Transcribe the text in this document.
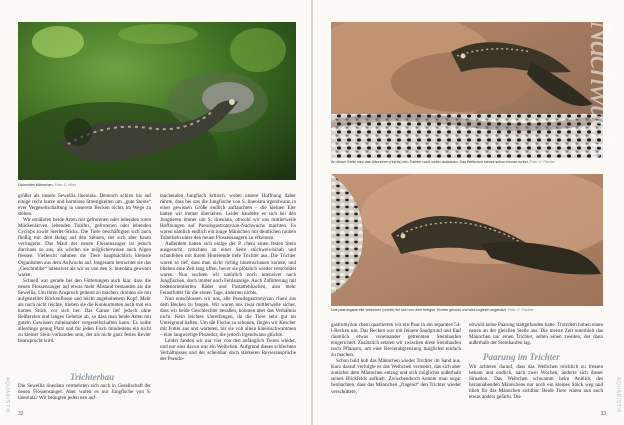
Dickendes Männchen. Foto: C. Hirst

größer als unsere Sewellia lineolata. Dennoch schien bis auf einige recht kurze und harmlose Streitigkeiten um „gute Steine“ ever Vergesellschaftung in unserem Becken nichts im Wege zu stehen.

Wir ernährten beide Arten mit gefrorenen oder lebenden roten Mückenlarven, lebenden Tubifex, gefrorenen oder lebenden Cyclops sowie Sterlet-Sticks. Die Tiere beschäftigten sich auch fleißig mit dem Belag auf den Steinen, der sich aber kaum verringerte. Das Maul der neuen Flossensauger ist jedoch durchaus so aus, als würden sie möglicherweise auch Algen fressen. Vielleicht nahmen die Tiere hauptsächlich kleinste Organismen aus dem Aufwuchs auf. Insgesamt betrachtet sie das „Geschrubbe“ intensiver als wir es von den S. lineolata gewohnt waren.

Schnell war gerade bei den Fütterungen auch klar, dass die neuen Flossensauger auf etwas mehr Abstand bestanden als die Sewellia. Um ihren Anspruch geltend zu machen, drohten sie mit aufgestellter Rückenflosse und leicht angehobenem Kopf. Mehr als noch nicht reichte, trieben sie die Konkurrenten auch mal ein kurzes Stück vor sich her. Das Ganze lief jedoch ohne Beißereien und langes Gehetze ab, so dass man beide Arten mit gutem Gewissen miteinander vergesellschaften kann. Es sollte allerdings genug Platz und für jeden Fisch mindestens ein nicht zu kleiner Stein vorhanden sein, der als nicht ganz festes Revier beansprucht wird.

Trichterbau

Die Sewellia lineolata vermehrten sich auch in Gesellschaft der neuen Flossensauger. Aber waren es nur Jungfische von S. lineolata? Wir beäugten jeden neu auf-

tauchenden Jungfisch kritisch, wobei unsere Hoffnung daher rührte, dass bei uns die Jungfische von S. lineolata irgendwann in einer gewissen Größe endlich auftauchten – die kleinen Eier hatten wir immer übersehen. Leider handelte es sich bei den Jungtieren immer um S. lineolata, obwohl wir uns mittlerweile Hoffnungen auf Pseudogastromyzon-Nachwuchs machten. Es waren nämlich endlich ein:iunge Männchen mit deutlichen rauhen Tuberkeln unter den neuen Flossensaugern zu erkennen.

Außerdem hatten sich einige der P. cheni einen festen Stein ausgesucht, rutschten an einer Seite stückweis-hinab und schaufelten mit ihrem Hinterende tiefe Trichter aus. Die Trichter waren so tief, dass man nicht richtig hineinschauen konnte, und blieben eine Zeit lang offen, bevor sie plötzlich wieder verschüttet waren. Nun suchten wir natürlich noch intensiver nach Jungfischen, doch immer noch Fehlanzeige. Auch Zufütterung mit bodenorientierten Räder und Pastatfehliachen, also mehr Feinstfutter für die ersten Tage, änderten nichts.

Nun entschlossen wir uns, alle Pseudogastromyzon cheni aus dem Becken zu fangen. Wir waren uns zwar mittlerweile sicher, dass wir beide Geschlechter besaßen, konnten aber das Verhältnis nicht. Kein leichtes Unterfangen, da die Tiere sehr gut im Untergrund haften. Um die Fische zu schonen, fingen wir Kescher mit Futter aus und warteten, bis sie von allein hineinschwammen – eine langwierige Prozedur, die jedoch irgendwann glückte.

Leider fanden wir nur vier von den anfänglich Tieren wieder, und nur eins davon war ein Weibchen. Aufgrund dieses schlechten Verhältnisses und der scheinbar doch stärkeren Revieransprüche der Pseudo-

32
AQUARISTIK
An dieser Stelle wird das Männchen (rechts) den Trichter noch weiter ausbauen. Das Weibchen schaut schon einmal vorbei. Foto: C. Fischer
Das paarungsbereite Weibchen (rechts) fiel sich von dem fertigen Trichter gelockt und wird sogleich angebalzt. Foto: C. Fischer

gastromyzon cheni quartierten wir ein Paar in ein separates 54-l-Becken um. Das Becken war mit feinem Sandgrund und fünf räumlich etwas voneinander getrennten Steinhaufen eingerichtet. Zusätzlich setzten wir zwischen diese Steinhaufen noch Pflanzen, um eine Revierabgrenzung möglichst einfach zu machen.

Schon bald hob das Männchen wieder Trichter im Sand aus. Kurz darauf verfolgte es das Weibchen vermehrt, das sich aber zunächst dem Männchen entzog und sich möglichst außerhalb seines Blickfelds aufhielt. Zwischendurch konnte man sogar beobachten, dass das Männchen „fragend“ den Trichter wieder verschüttete,

obwohl keine Paarung stattgefunden hatte. Trotzdem hoben einen neuen an der gleichen Stelle aus. Die meiste Zeit unterhielt das Männchen nur einen Trichter, selten einen zweiten, der dann außerhalb der Steinhaufen lag.

Paarung im Trichter

Wir achteten darauf, dass das Weibchen reichlich zu fressen bekam und endlich, nach zwei Wochen, änderte sich dieser Situation. Das Weibchen schwamm beim Anblick des herannahenden Männchens nur noch ein kleines Stück weg und blieb für das Männchen sichtbar. Beide Tiere waren nun auch etwas anders gefärbt. Die

33
AQUARISTIK
Nachwuchs
